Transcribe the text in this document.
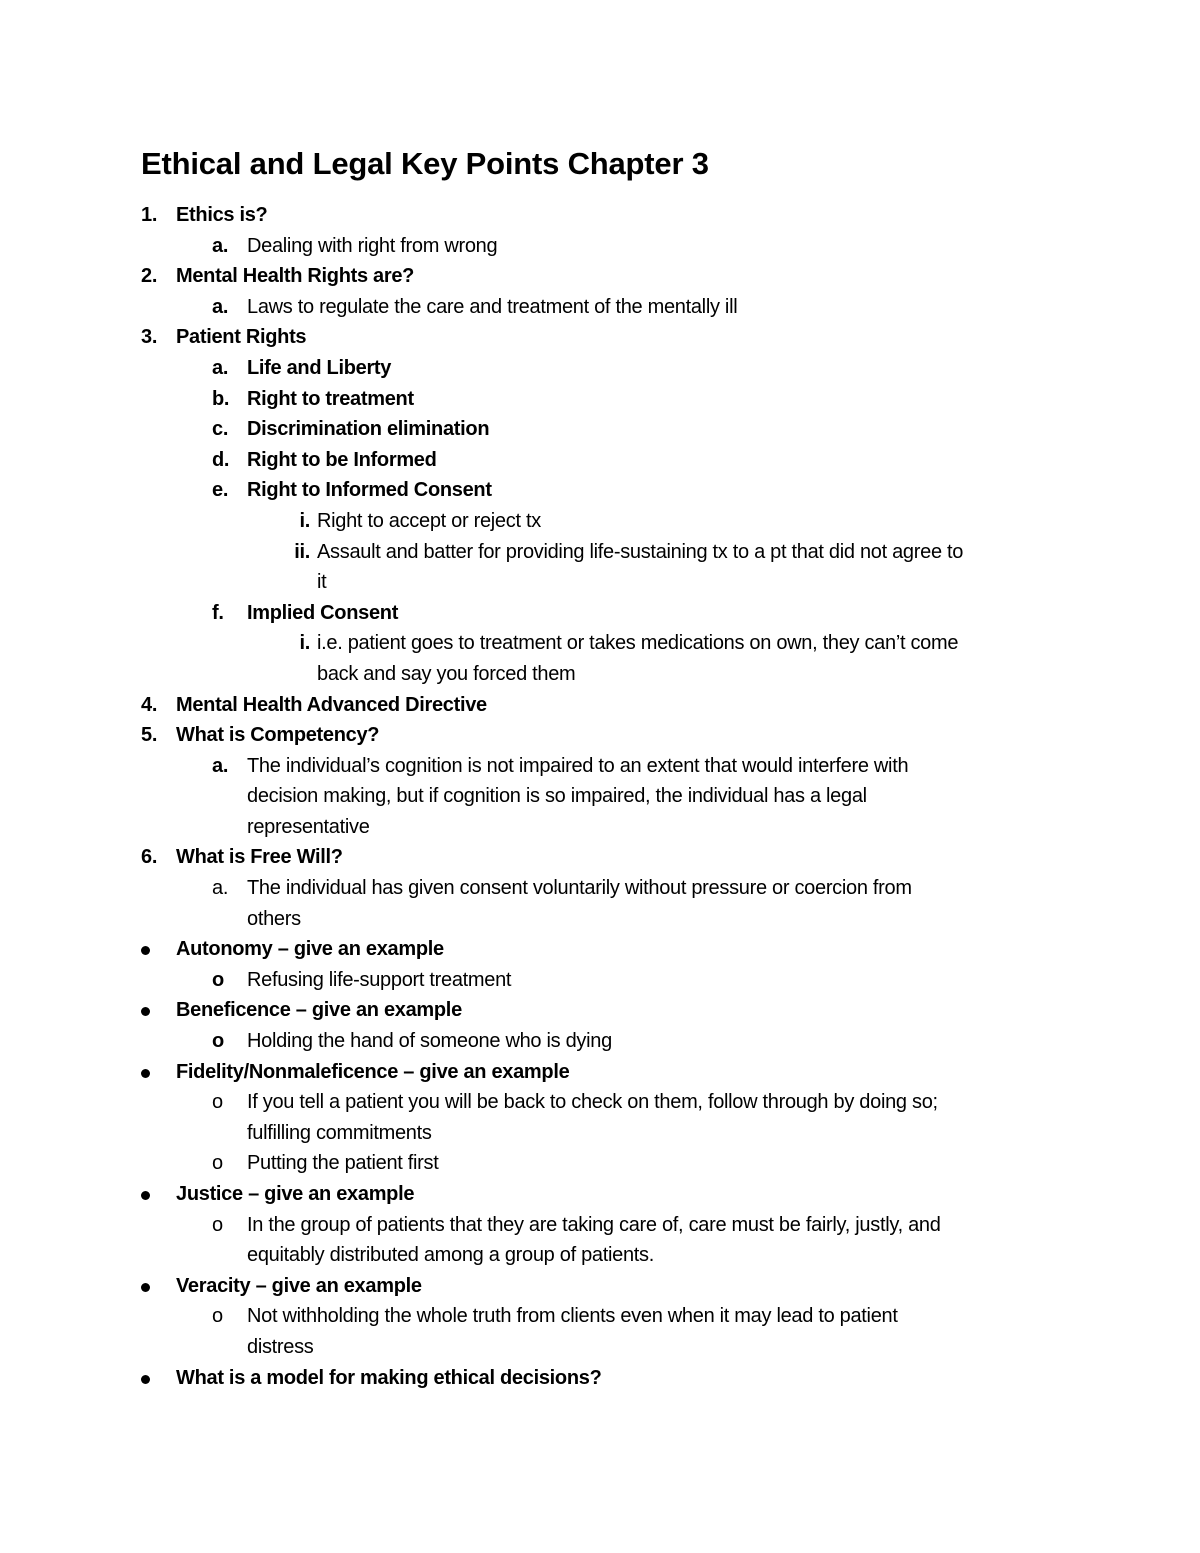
Ethical and Legal Key Points Chapter 3
1. Ethics is?
a. Dealing with right from wrong
2. Mental Health Rights are?
a. Laws to regulate the care and treatment of the mentally ill
3. Patient Rights
a. Life and Liberty
b. Right to treatment
c. Discrimination elimination
d. Right to be Informed
e. Right to Informed Consent
i. Right to accept or reject tx
ii. Assault and batter for providing life-sustaining tx to a pt that did not agree to
it
f.	Implied Consent
i. i.e. patient goes to treatment or takes medications on own, they can’t come
back and say you forced them
4. Mental Health Advanced Directive
5. What is Competency?
a. The individual’s cognition is not impaired to an extent that would interfere with
decision making, but if cognition is so impaired, the individual has a legal
representative
6. What is Free Will?
a. The individual has given consent voluntarily without pressure or coercion from
others
Autonomy – give an example
o	Refusing life-support treatment
Beneficence – give an example
o	Holding the hand of someone who is dying
Fidelity/Nonmaleficence – give an example
o	If you tell a patient you will be back to check on them, follow through by doing so;
fulfilling commitments
o	Putting the patient first
Justice – give an example
o	In the group of patients that they are taking care of, care must be fairly, justly, and
equitably distributed among a group of patients.
Veracity – give an example
o	Not withholding the whole truth from clients even when it may lead to patient
distress
What is a model for making ethical decisions?
